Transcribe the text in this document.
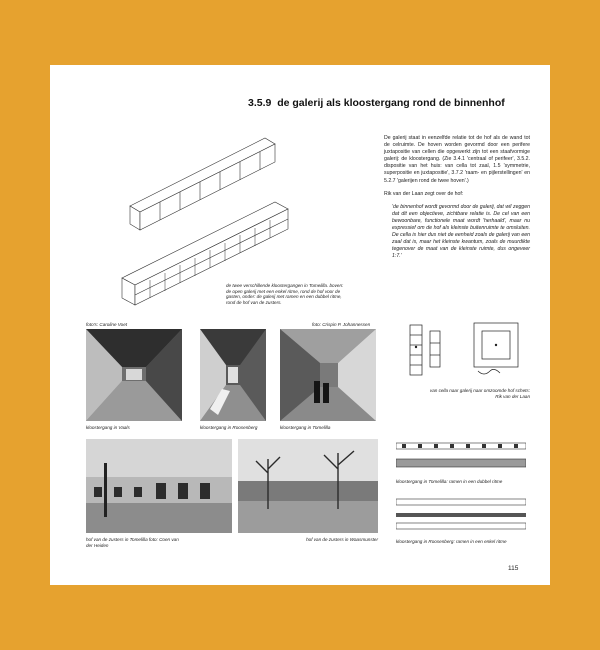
3.5.9 de galerij als kloostergang rond de binnenhof
de twee verschillende kloostergangen in Tomelilla. boven: de open galerij met een enkel ritme, rond de hof voor de gasten, onder: de galerij met ramen en een dubbel ritme, rond de hof van de zusters.

De galerij staat in eenzelfde relatie tot de hof als de wand tot de celruimte. De hoven worden gevormd door een perifere juxtapositie van cellen die opgewerkt zijn tot een staafvormige galerij: de kloostergang. (Zie 3.4.1 'centraal of perifeer', 3.5.2. dispositie van het huis: van cella tot zaal, 1.5 'symmetrie, superpositie en juxtapositie', 3.7.2 'raam- en pijlerstellingen' en 5.2.7 'galerijen rond de twee hoven'.)

Rik van der Laan zegt over de hof:

'de binnenhof wordt gevormd door de galerij, dat wil zeggen dat dit een objectieve, zichtbare relatie is. De cel van een bewoonbare, functionele maat wordt 'herhaald', maar nu expressief om de hof als kleinste buitenruimte te omsluiten. De cella is hier dus niet de eenheid zoals de galerij van een zaal dat is, maar het kleinste kwantum, zoals de muurdikte tegenover de maat van de kleinste ruimte, dus ongeveer 1:7.'

van cella naar galerij naar omzoomde hof schets: Rik van der Laan
foto's: Caroline Voet	foto: Crispin P. Johannessen
kloostergang in Vaals	kloostergang in Roosenberg	kloostergang in Tomelilla
hof van de zusters in Tomelilla foto: Coen van der Heiden
hof van de zusters in Waasmunster
kloostergang in Tomelilla: ramen in een dubbel ritme
kloostergang in Roosenberg: ramen in een enkel ritme
115
